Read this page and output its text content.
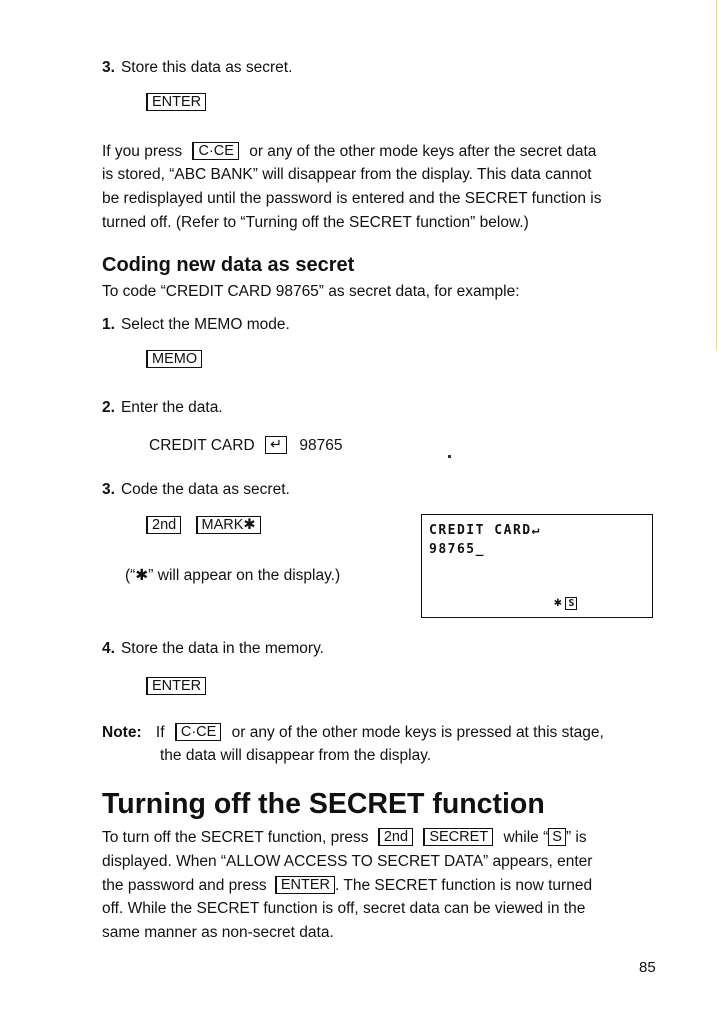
3. Store this data as secret.
ENTER
If you press C·CE or any of the other mode keys after the secret data
is stored, “ABC BANK” will disappear from the display. This data cannot
be redisplayed until the password is entered and the SECRET function is
turned off. (Refer to “Turning off the SECRET function” below.)
Coding new data as secret
To code “CREDIT CARD 98765” as secret data, for example:
1. Select the MEMO mode.
MEMO
2. Enter the data.
CREDIT CARD ↵ 98765
3. Code the data as secret.
2nd MARK✱
(“✱” will appear on the display.)
CREDIT CARD↵
98765_
✱ S
4. Store the data in the memory.
ENTER
Note: If C·CE or any of the other mode keys is pressed at this stage,
the data will disappear from the display.
Turning off the SECRET function
To turn off the SECRET function, press 2nd SECRET while “ S ” is
displayed. When “ALLOW ACCESS TO SECRET DATA” appears, enter
the password and press ENTER . The SECRET function is now turned
off. While the SECRET function is off, secret data can be viewed in the
same manner as non-secret data.
85
